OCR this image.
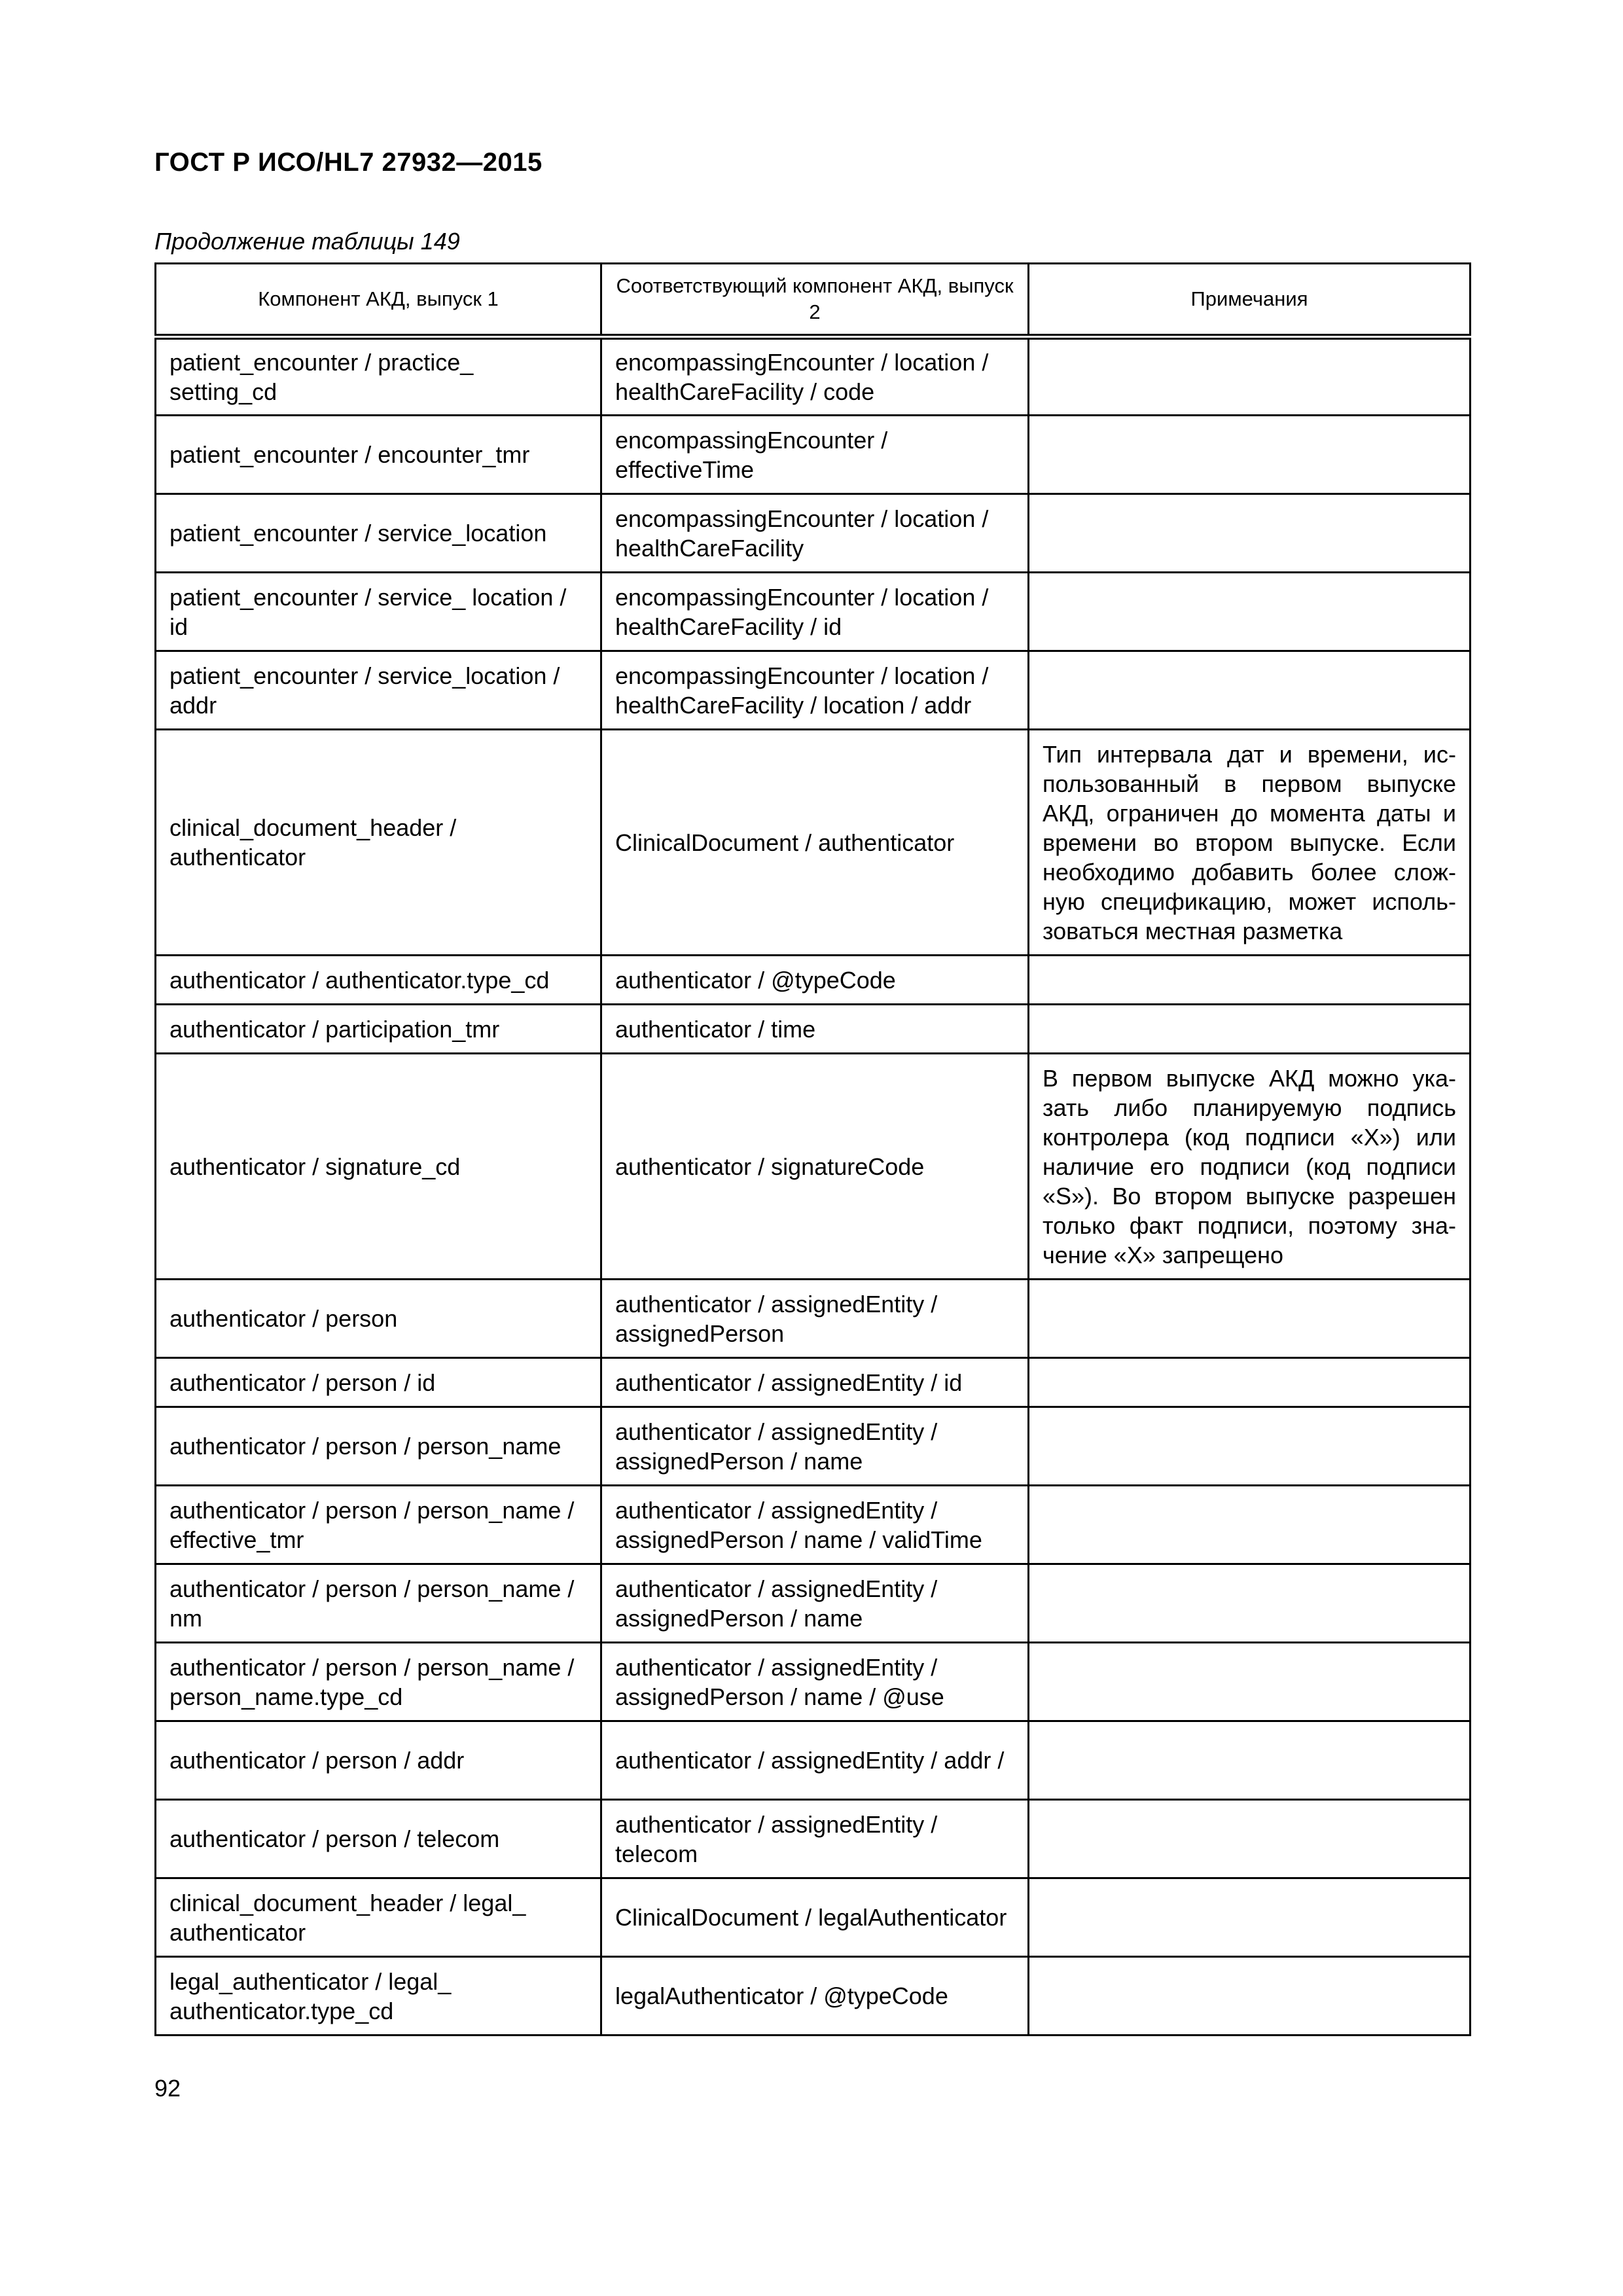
ГОСТ Р ИСО/HL7 27932—2015
Продолжение таблицы 149
Компонент АКД, выпуск 1	Соответствующий компонент АКД, выпуск 2	Примечания
patient_encounter / practice_ setting_cd	encompassingEncounter / location / healthCareFacility / code	
patient_encounter / encounter_tmr	encompassingEncounter / effectiveTime	
patient_encounter / service_location	encompassingEncounter / location / healthCareFacility	
patient_encounter / service_ location / id	encompassingEncounter / location / healthCareFacility / id	
patient_encounter / service_location / addr	encompassingEncounter / location / healthCareFacility / location / addr	
clinical_document_header / authenticator	ClinicalDocument / authenticator	Тип интервала дат и времени, использованный в первом выпуске АКД, ограничен до момента даты и времени во втором выпуске. Если необходимо добавить более сложную спецификацию, может использоваться местная разметка
authenticator / authenticator.type_cd	authenticator / @typeCode	
authenticator / participation_tmr	authenticator / time	
authenticator / signature_cd	authenticator / signatureCode	В первом выпуске АКД можно указать либо планируемую подпись контролера (код подписи «X») или наличие его подписи (код подписи «S»). Во втором выпуске разрешен только факт подписи, поэтому значение «X» запрещено
authenticator / person	authenticator / assignedEntity / assignedPerson	
authenticator / person / id	authenticator / assignedEntity / id	
authenticator / person / person_name	authenticator / assignedEntity / assignedPerson / name	
authenticator / person / person_name / effective_tmr	authenticator / assignedEntity / assignedPerson / name / validTime	
authenticator / person / person_name / nm	authenticator / assignedEntity / assignedPerson / name	
authenticator / person / person_name / person_name.type_cd	authenticator / assignedEntity / assignedPerson / name / @use	
authenticator / person / addr	authenticator / assignedEntity / addr /	
authenticator / person / telecom	authenticator / assignedEntity / telecom	
clinical_document_header / legal_ authenticator	ClinicalDocument / legalAuthenticator	
legal_authenticator / legal_ authenticator.type_cd	legalAuthenticator / @typeCode	
92
